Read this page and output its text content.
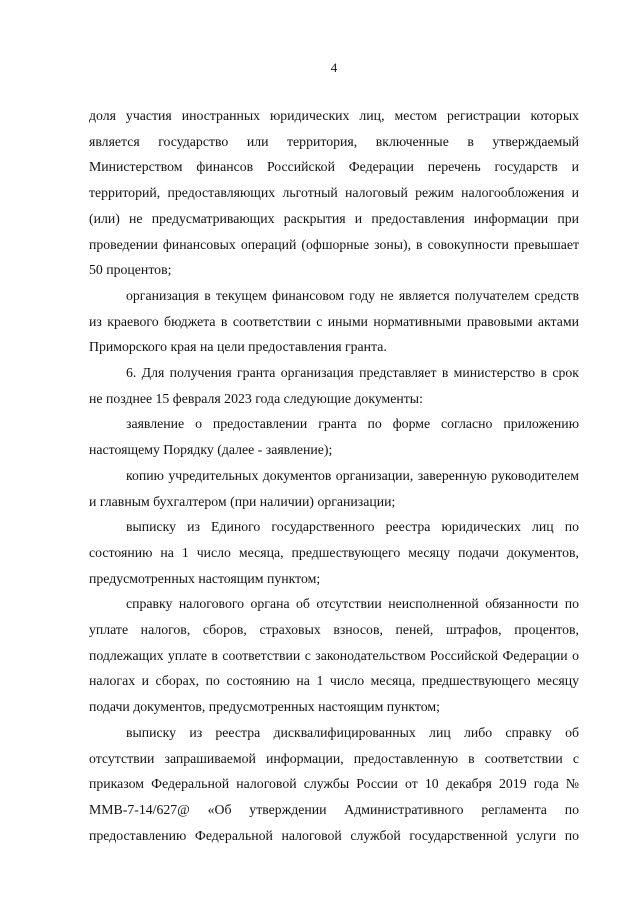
4

доля участия иностранных юридических лиц, местом регистрации которых является государство или территория, включенные в утверждаемый Министерством финансов Российской Федерации перечень государств и территорий, предоставляющих льготный налоговый режим налогообложения и (или) не предусматривающих раскрытия и предоставления информации при проведении финансовых операций (офшорные зоны), в совокупности превышает 50 процентов;

организация в текущем финансовом году не является получателем средств из краевого бюджета в соответствии с иными нормативными правовыми актами Приморского края на цели предоставления гранта.

6. Для получения гранта организация представляет в министерство в срок не позднее 15 февраля 2023 года следующие документы:

заявление о предоставлении гранта по форме согласно приложению настоящему Порядку (далее - заявление);

копию учредительных документов организации, заверенную руководителем и главным бухгалтером (при наличии) организации;

выписку из Единого государственного реестра юридических лиц по состоянию на 1 число месяца, предшествующего месяцу подачи документов, предусмотренных настоящим пунктом;

справку налогового органа об отсутствии неисполненной обязанности по уплате налогов, сборов, страховых взносов, пеней, штрафов, процентов, подлежащих уплате в соответствии с законодательством Российской Федерации о налогах и сборах, по состоянию на 1 число месяца, предшествующего месяцу подачи документов, предусмотренных настоящим пунктом;

выписку из реестра дисквалифицированных лиц либо справку об отсутствии запрашиваемой информации, предоставленную в соответствии с приказом Федеральной налоговой службы России от 10 декабря 2019 года № ММВ-7-14/627@ «Об утверждении Административного регламента по предоставлению Федеральной налоговой службой государственной услуги по
